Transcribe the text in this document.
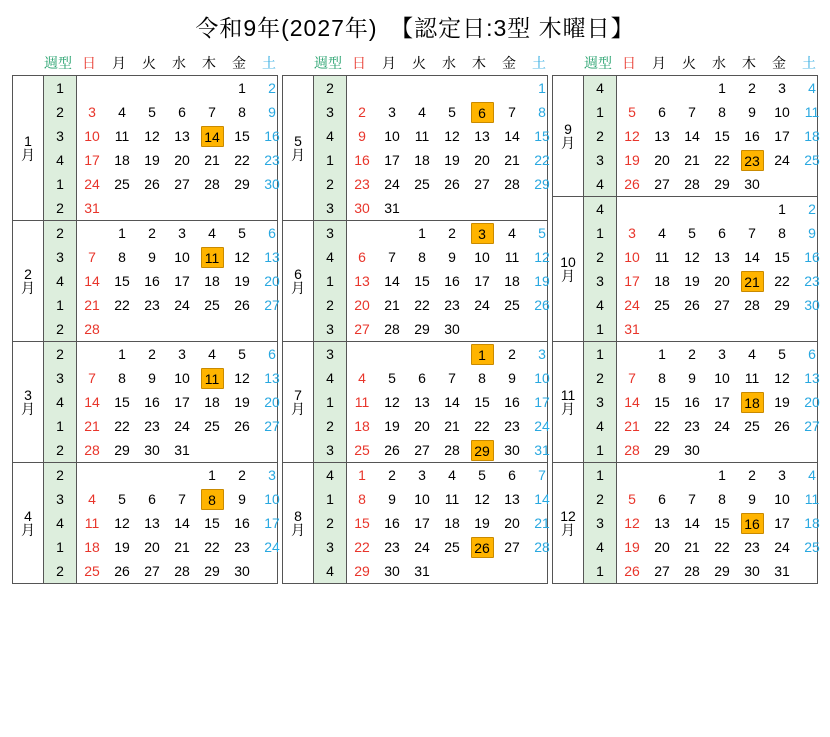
令和9年(2027年)　【認定日:3型 木曜日】
	週型	日	月	火	水	木	金	土
1
月	1						1	2
	2	3	4	5	6	7	8	9
	3	10	11	12	13	14	15	16
	4	17	18	19	20	21	22	23
	1	24	25	26	27	28	29	30
	2	31						
2
月	2		1	2	3	4	5	6
	3	7	8	9	10	11	12	13
	4	14	15	16	17	18	19	20
	1	21	22	23	24	25	26	27
	2	28						
3
月	2		1	2	3	4	5	6
	3	7	8	9	10	11	12	13
	4	14	15	16	17	18	19	20
	1	21	22	23	24	25	26	27
	2	28	29	30	31			
4
月	2					1	2	3
	3	4	5	6	7	8	9	10
	4	11	12	13	14	15	16	17
	1	18	19	20	21	22	23	24
	2	25	26	27	28	29	30	
	週型	日	月	火	水	木	金	土
5
月	2							1
	3	2	3	4	5	6	7	8
	4	9	10	11	12	13	14	15
	1	16	17	18	19	20	21	22
	2	23	24	25	26	27	28	29
	3	30	31					
6
月	3			1	2	3	4	5
	4	6	7	8	9	10	11	12
	1	13	14	15	16	17	18	19
	2	20	21	22	23	24	25	26
	3	27	28	29	30			
7
月	3					1	2	3
	4	4	5	6	7	8	9	10
	1	11	12	13	14	15	16	17
	2	18	19	20	21	22	23	24
	3	25	26	27	28	29	30	31
8
月	4	1	2	3	4	5	6	7
	1	8	9	10	11	12	13	14
	2	15	16	17	18	19	20	21
	3	22	23	24	25	26	27	28
	4	29	30	31				
	週型	日	月	火	水	木	金	土
9
月	4				1	2	3	4
	1	5	6	7	8	9	10	11
	2	12	13	14	15	16	17	18
	3	19	20	21	22	23	24	25
	4	26	27	28	29	30		
10
月	4						1	2
	1	3	4	5	6	7	8	9
	2	10	11	12	13	14	15	16
	3	17	18	19	20	21	22	23
	4	24	25	26	27	28	29	30
	1	31						
11
月	1		1	2	3	4	5	6
	2	7	8	9	10	11	12	13
	3	14	15	16	17	18	19	20
	4	21	22	23	24	25	26	27
	1	28	29	30				
12
月	1				1	2	3	4
	2	5	6	7	8	9	10	11
	3	12	13	14	15	16	17	18
	4	19	20	21	22	23	24	25
	1	26	27	28	29	30	31	
